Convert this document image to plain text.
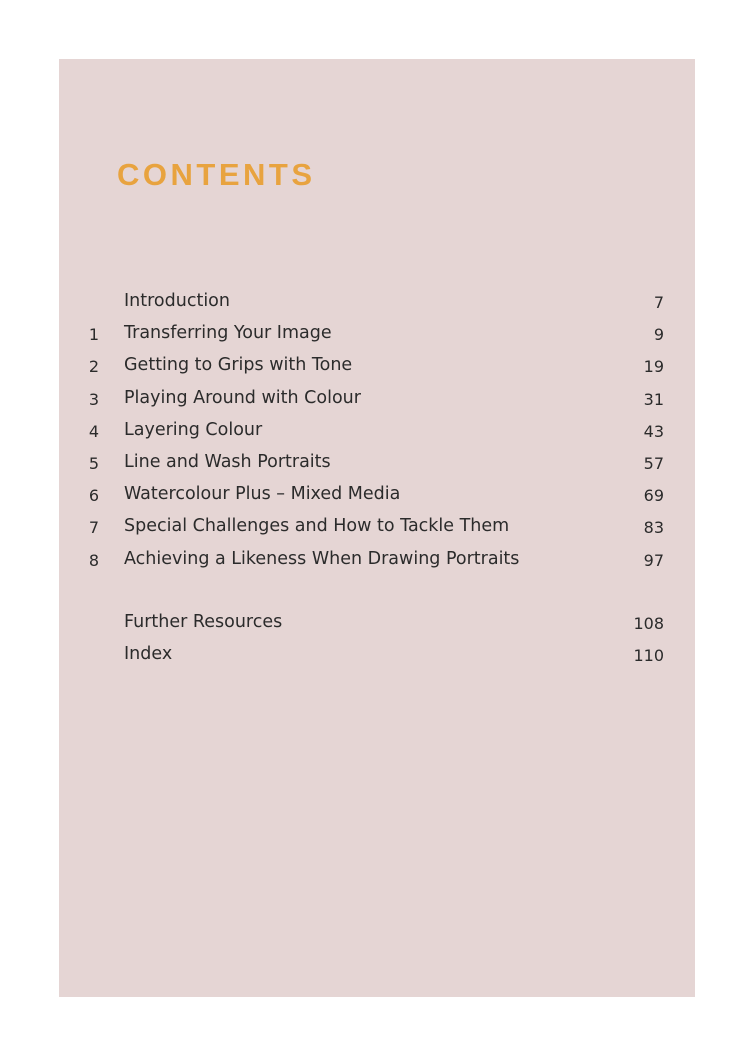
CONTENTS
Introduction	7
1 Transferring Your Image	9
2 Getting to Grips with Tone	19
3 Playing Around with Colour	31
4 Layering Colour	43
5 Line and Wash Portraits	57
6 Watercolour Plus – Mixed Media	69
7 Special Challenges and How to Tackle Them	83
8 Achieving a Likeness When Drawing Portraits	97
Further Resources	108
Index	110
